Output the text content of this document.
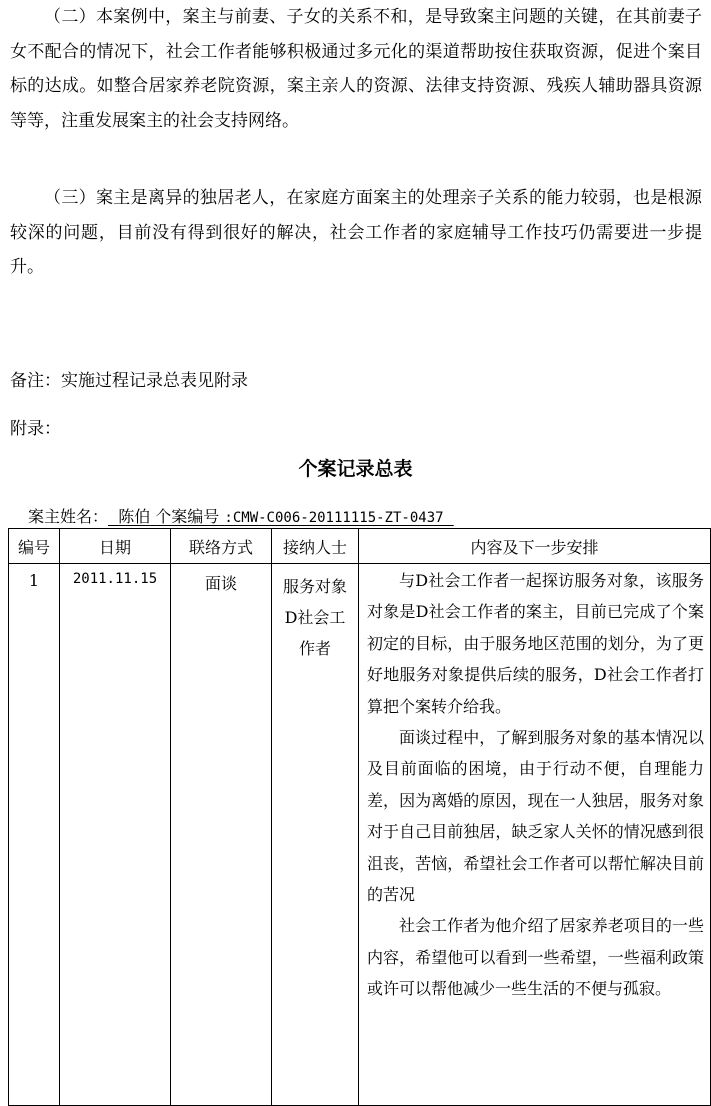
（二）本案例中，案主与前妻、子女的关系不和，是导致案主问题的关键，在其前妻子女不配合的情况下，社会工作者能够积极通过多元化的渠道帮助按住获取资源，促进个案目标的达成。如整合居家养老院资源，案主亲人的资源、法律支持资源、残疾人辅助器具资源等等，注重发展案主的社会支持网络。

（三）案主是离异的独居老人，在家庭方面案主的处理亲子关系的能力较弱，也是根源较深的问题，目前没有得到很好的解决，社会工作者的家庭辅导工作技巧仍需要进一步提升。

备注：实施过程记录总表见附录

附录：

个案记录总表
案主姓名： 陈伯 个案编号 :CMW-C006-20111115-ZT-0437
编号	日期	联络方式	接纳人士	内容及下一步安排
1	2011.11.15	面谈	服务对象D社会工作者	与D社会工作者一起探访服务对象，该服务对象是D社会工作者的案主，目前已完成了个案初定的目标，由于服务地区范围的划分，为了更好地服务对象提供后续的服务，D社会工作者打算把个案转介给我。

面谈过程中，了解到服务对象的基本情况以及目前面临的困境，由于行动不便，自理能力差，因为离婚的原因，现在一人独居，服务对象对于自己目前独居，缺乏家人关怀的情况感到很沮丧，苦恼，希望社会工作者可以帮忙解决目前的苦况

社会工作者为他介绍了居家养老项目的一些内容，希望他可以看到一些希望，一些福利政策或许可以帮他减少一些生活的不便与孤寂。
